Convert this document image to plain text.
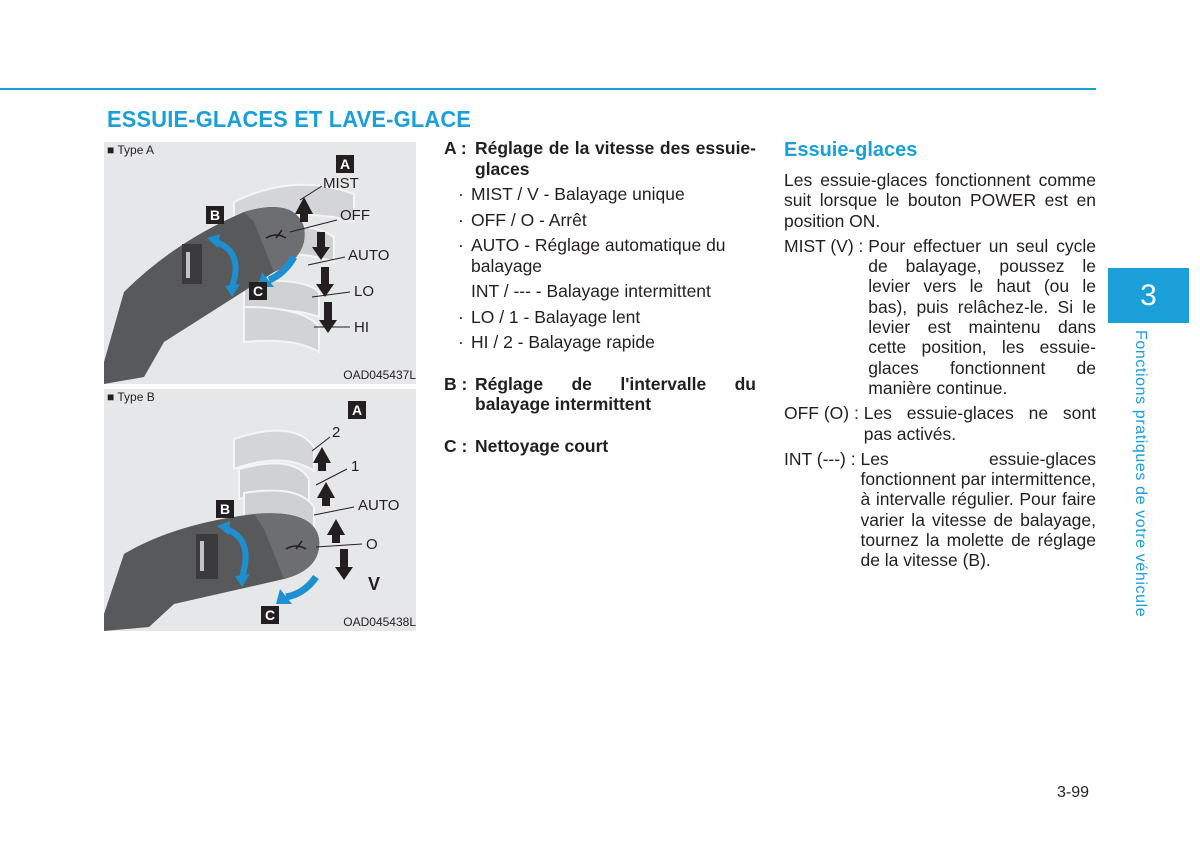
ESSUIE-GLACES ET LAVE-GLACE
A
B
C
MIST
OFF
AUTO
LO
HI
■ Type A
OAD045437L
A
B
C
2
1
AUTO
O
V
■ Type B
OAD045438L
A : Réglage de la vitesse des essuie-glaces
· MIST / V - Balayage unique
· OFF / O - Arrêt
· AUTO - Réglage automatique du balayage
INT / --- - Balayage intermittent
· LO / 1 - Balayage lent
· HI / 2 - Balayage rapide
B : Réglage de l'intervalle du balayage intermittent
C : Nettoyage court
Essuie-glaces
Les essuie-glaces fonctionnent comme suit lorsque le bouton POWER est en position ON.
MIST (V) : Pour effectuer un seul cycle de balayage, poussez le levier vers le haut (ou le bas), puis relâchez-le. Si le levier est maintenu dans cette position, les essuie-glaces fonctionnent de manière continue.
OFF (O) : Les essuie-glaces ne sont pas activés.
INT (---) : Les essuie-glaces fonctionnent par intermittence, à intervalle régulier. Pour faire varier la vitesse de balayage, tournez la molette de réglage de la vitesse (B).
3
Fonctions pratiques de votre véhicule
3-99
